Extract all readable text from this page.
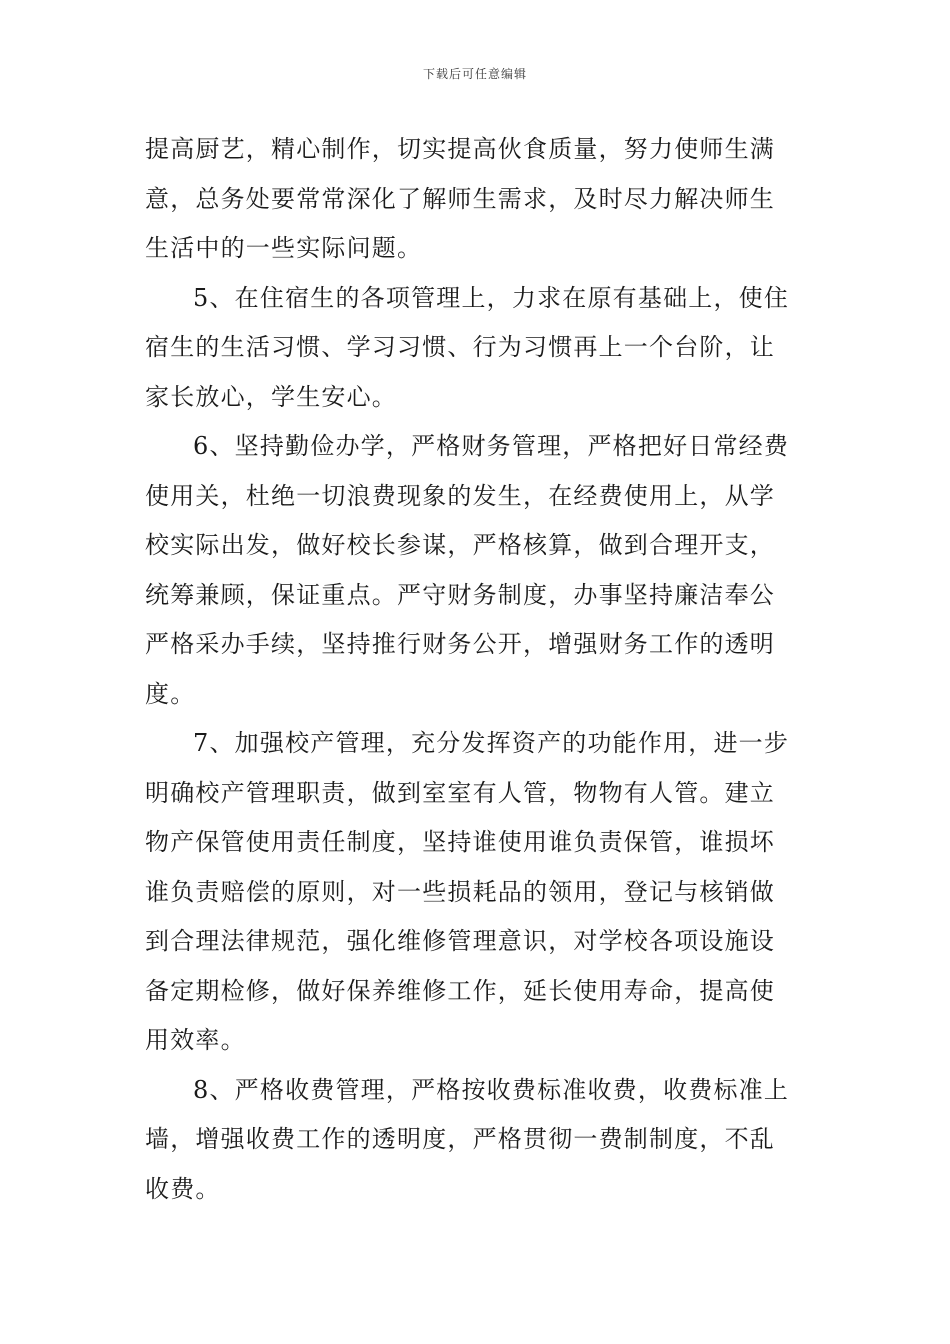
下载后可任意编辑
提高厨艺，精心制作，切实提高伙食质量，努力使师生满
意，总务处要常常深化了解师生需求，及时尽力解决师生
生活中的一些实际问题。
5、在住宿生的各项管理上，力求在原有基础上，使住
宿生的生活习惯、学习习惯、行为习惯再上一个台阶，让
家长放心，学生安心。
6、坚持勤俭办学，严格财务管理，严格把好日常经费
使用关，杜绝一切浪费现象的发生，在经费使用上，从学
校实际出发，做好校长参谋，严格核算，做到合理开支，
统筹兼顾，保证重点。严守财务制度，办事坚持廉洁奉公
严格采办手续，坚持推行财务公开，增强财务工作的透明
度。
7、加强校产管理，充分发挥资产的功能作用，进一步
明确校产管理职责，做到室室有人管，物物有人管。建立
物产保管使用责任制度，坚持谁使用谁负责保管，谁损坏
谁负责赔偿的原则，对一些损耗品的领用，登记与核销做
到合理法律规范，强化维修管理意识，对学校各项设施设
备定期检修，做好保养维修工作，延长使用寿命，提高使
用效率。
8、严格收费管理，严格按收费标准收费，收费标准上
墙，增强收费工作的透明度，严格贯彻一费制制度，不乱
收费。
